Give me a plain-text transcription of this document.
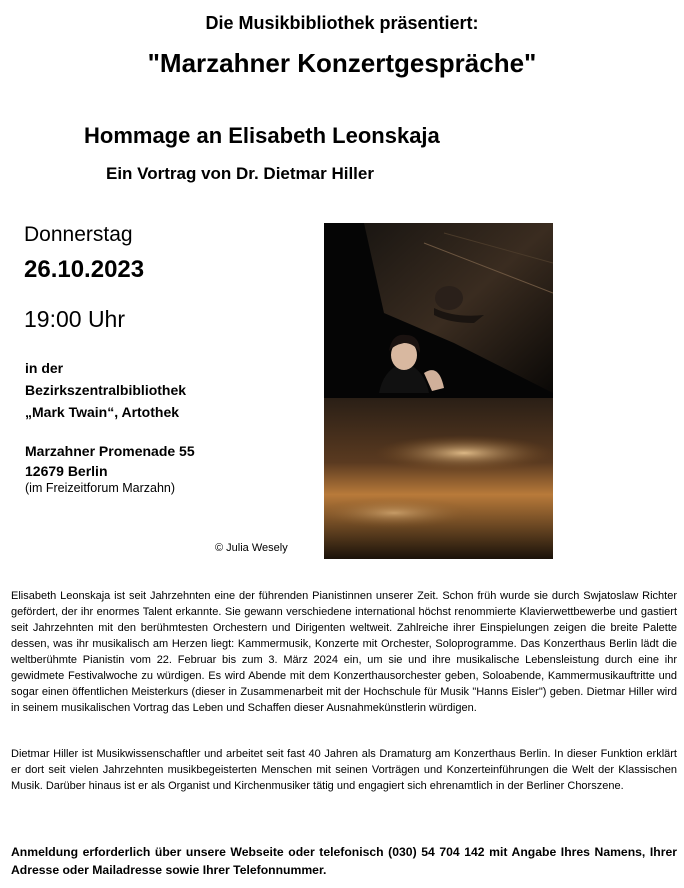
Die Musikbibliothek präsentiert:
"Marzahner Konzertgespräche"
Hommage an Elisabeth Leonskaja
Ein Vortrag von Dr. Dietmar Hiller
Donnerstag
26.10.2023
19:00 Uhr
in der
Bezirkszentralbibliothek
„Mark Twain“, Artothek
Marzahner Promenade 55
12679 Berlin
(im Freizeitforum Marzahn)
© Julia Wesely
Elisabeth Leonskaja ist seit Jahrzehnten eine der führenden Pianistinnen unserer Zeit. Schon früh wurde sie durch Swjatoslaw Richter gefördert, der ihr enormes Talent erkannte. Sie gewann verschiedene international höchst renommierte Klavierwettbewerbe und gastiert seit Jahrzehnten mit den berühmtesten Orchestern und Dirigenten weltweit. Zahlreiche ihrer Einspielungen zeigen die breite Palette dessen, was ihr musikalisch am Herzen liegt: Kammermusik, Konzerte mit Orchester, Soloprogramme. Das Konzerthaus Berlin lädt die weltberühmte Pianistin vom 22. Februar bis zum 3. März 2024 ein, um sie und ihre musikalische Lebensleistung durch eine ihr gewidmete Festivalwoche zu würdigen. Es wird Abende mit dem Konzerthausorchester geben, Soloabende, Kammermusikauftritte und sogar einen öffentlichen Meisterkurs (dieser in Zusammenarbeit mit der Hochschule für Musik "Hanns Eisler") geben. Dietmar Hiller wird in seinem musikalischen Vortrag das Leben und Schaffen dieser Ausnahmekünstlerin würdigen.
Dietmar Hiller ist Musikwissenschaftler und arbeitet seit fast 40 Jahren als Dramaturg am Konzerthaus Berlin. In dieser Funktion erklärt er dort seit vielen Jahrzehnten musikbegeisterten Menschen mit seinen Vorträgen und Konzerteinführungen die Welt der Klassischen Musik. Darüber hinaus ist er als Organist und Kirchenmusiker tätig und engagiert sich ehrenamtlich in der Berliner Chorszene.
Anmeldung erforderlich über unsere Webseite oder telefonisch (030) 54 704 142 mit Angabe Ihres Namens, Ihrer Adresse oder Mailadresse sowie Ihrer Telefonnummer.
